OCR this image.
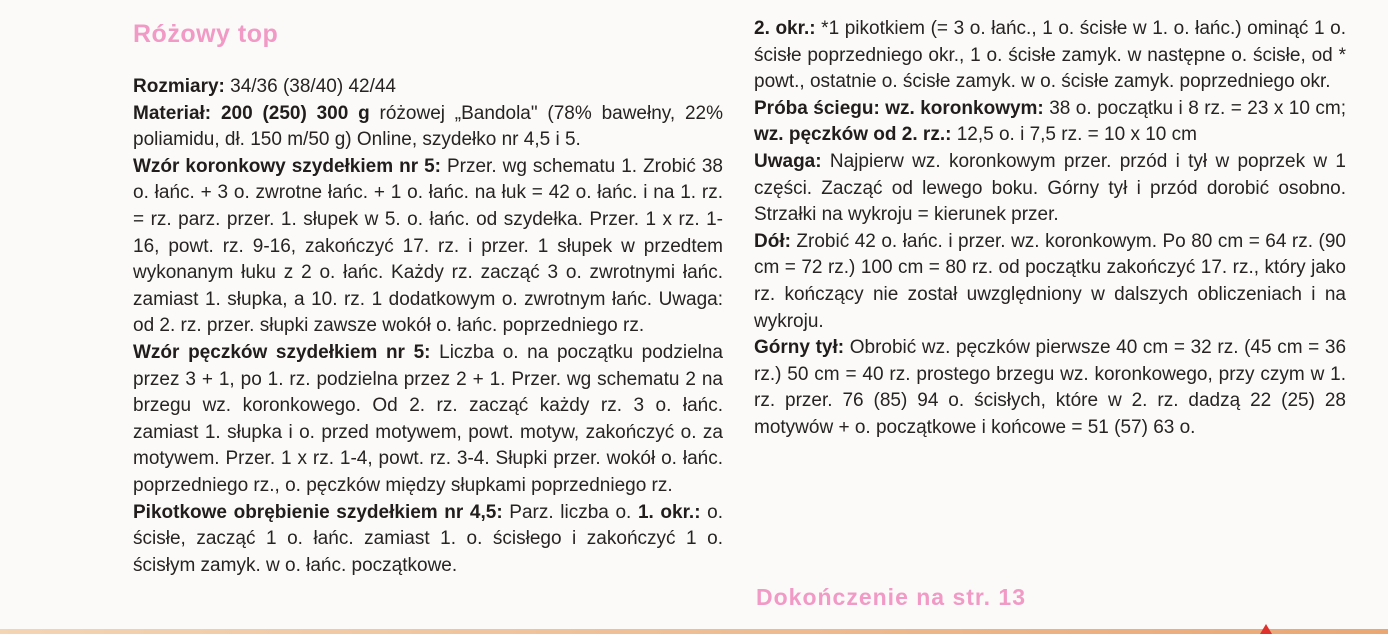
Różowy top

Rozmiary: 34/36 (38/40) 42/44

Materiał: 200 (250) 300 g różowej „Bandola" (78% bawełny, 22% poliamidu, dł. 150 m/50 g) Online, szydełko nr 4,5 i 5.

Wzór koronkowy szydełkiem nr 5: Przer. wg schematu 1. Zrobić 38 o. łańc. + 3 o. zwrotne łańc. + 1 o. łańc. na łuk = 42 o. łańc. i na 1. rz. = rz. parz. przer. 1. słupek w 5. o. łańc. od szydełka. Przer. 1 x rz. 1-16, powt. rz. 9-16, zakończyć 17. rz. i przer. 1 słupek w przedtem wykonanym łuku z 2 o. łańc. Każdy rz. zacząć 3 o. zwrotnymi łańc. zamiast 1. słupka, a 10. rz. 1 dodatkowym o. zwrotnym łańc. Uwaga: od 2. rz. przer. słupki zawsze wokół o. łańc. poprzedniego rz.

Wzór pęczków szydełkiem nr 5: Liczba o. na początku podzielna przez 3 + 1, po 1. rz. podzielna przez 2 + 1. Przer. wg schematu 2 na brzegu wz. koronkowego. Od 2. rz. zacząć każdy rz. 3 o. łańc. zamiast 1. słupka i o. przed motywem, powt. motyw, zakończyć o. za motywem. Przer. 1 x rz. 1-4, powt. rz. 3-4. Słupki przer. wokół o. łańc. poprzedniego rz., o. pęczków między słupkami poprzedniego rz.

Pikotkowe obrębienie szydełkiem nr 4,5: Parz. liczba o. 1. okr.: o. ścisłe, zacząć 1 o. łańc. zamiast 1. o. ścisłego i zakończyć 1 o. ścisłym zamyk. w o. łańc. początkowe.

2. okr.: *1 pikotkiem (= 3 o. łańc., 1 o. ścisłe w 1. o. łańc.) ominąć 1 o. ścisłe poprzedniego okr., 1 o. ścisłe zamyk. w następne o. ścisłe, od * powt., ostatnie o. ścisłe zamyk. w o. ścisłe zamyk. poprzedniego okr.

Próba ściegu: wz. koronkowym: 38 o. początku i 8 rz. = 23 x 10 cm; wz. pęczków od 2. rz.: 12,5 o. i 7,5 rz. = 10 x 10 cm

Uwaga: Najpierw wz. koronkowym przer. przód i tył w poprzek w 1 części. Zacząć od lewego boku. Górny tył i przód dorobić osobno. Strzałki na wykroju = kierunek przer.

Dół: Zrobić 42 o. łańc. i przer. wz. koronkowym. Po 80 cm = 64 rz. (90 cm = 72 rz.) 100 cm = 80 rz. od początku zakończyć 17. rz., który jako rz. kończący nie został uwzględniony w dalszych obliczeniach i na wykroju.

Górny tył: Obrobić wz. pęczków pierwsze 40 cm = 32 rz. (45 cm = 36 rz.) 50 cm = 40 rz. prostego brzegu wz. koronkowego, przy czym w 1. rz. przer. 76 (85) 94 o. ścisłych, które w 2. rz. dadzą 22 (25) 28 motywów + o. początkowe i końcowe = 51 (57) 63 o.

Dokończenie na str. 13
